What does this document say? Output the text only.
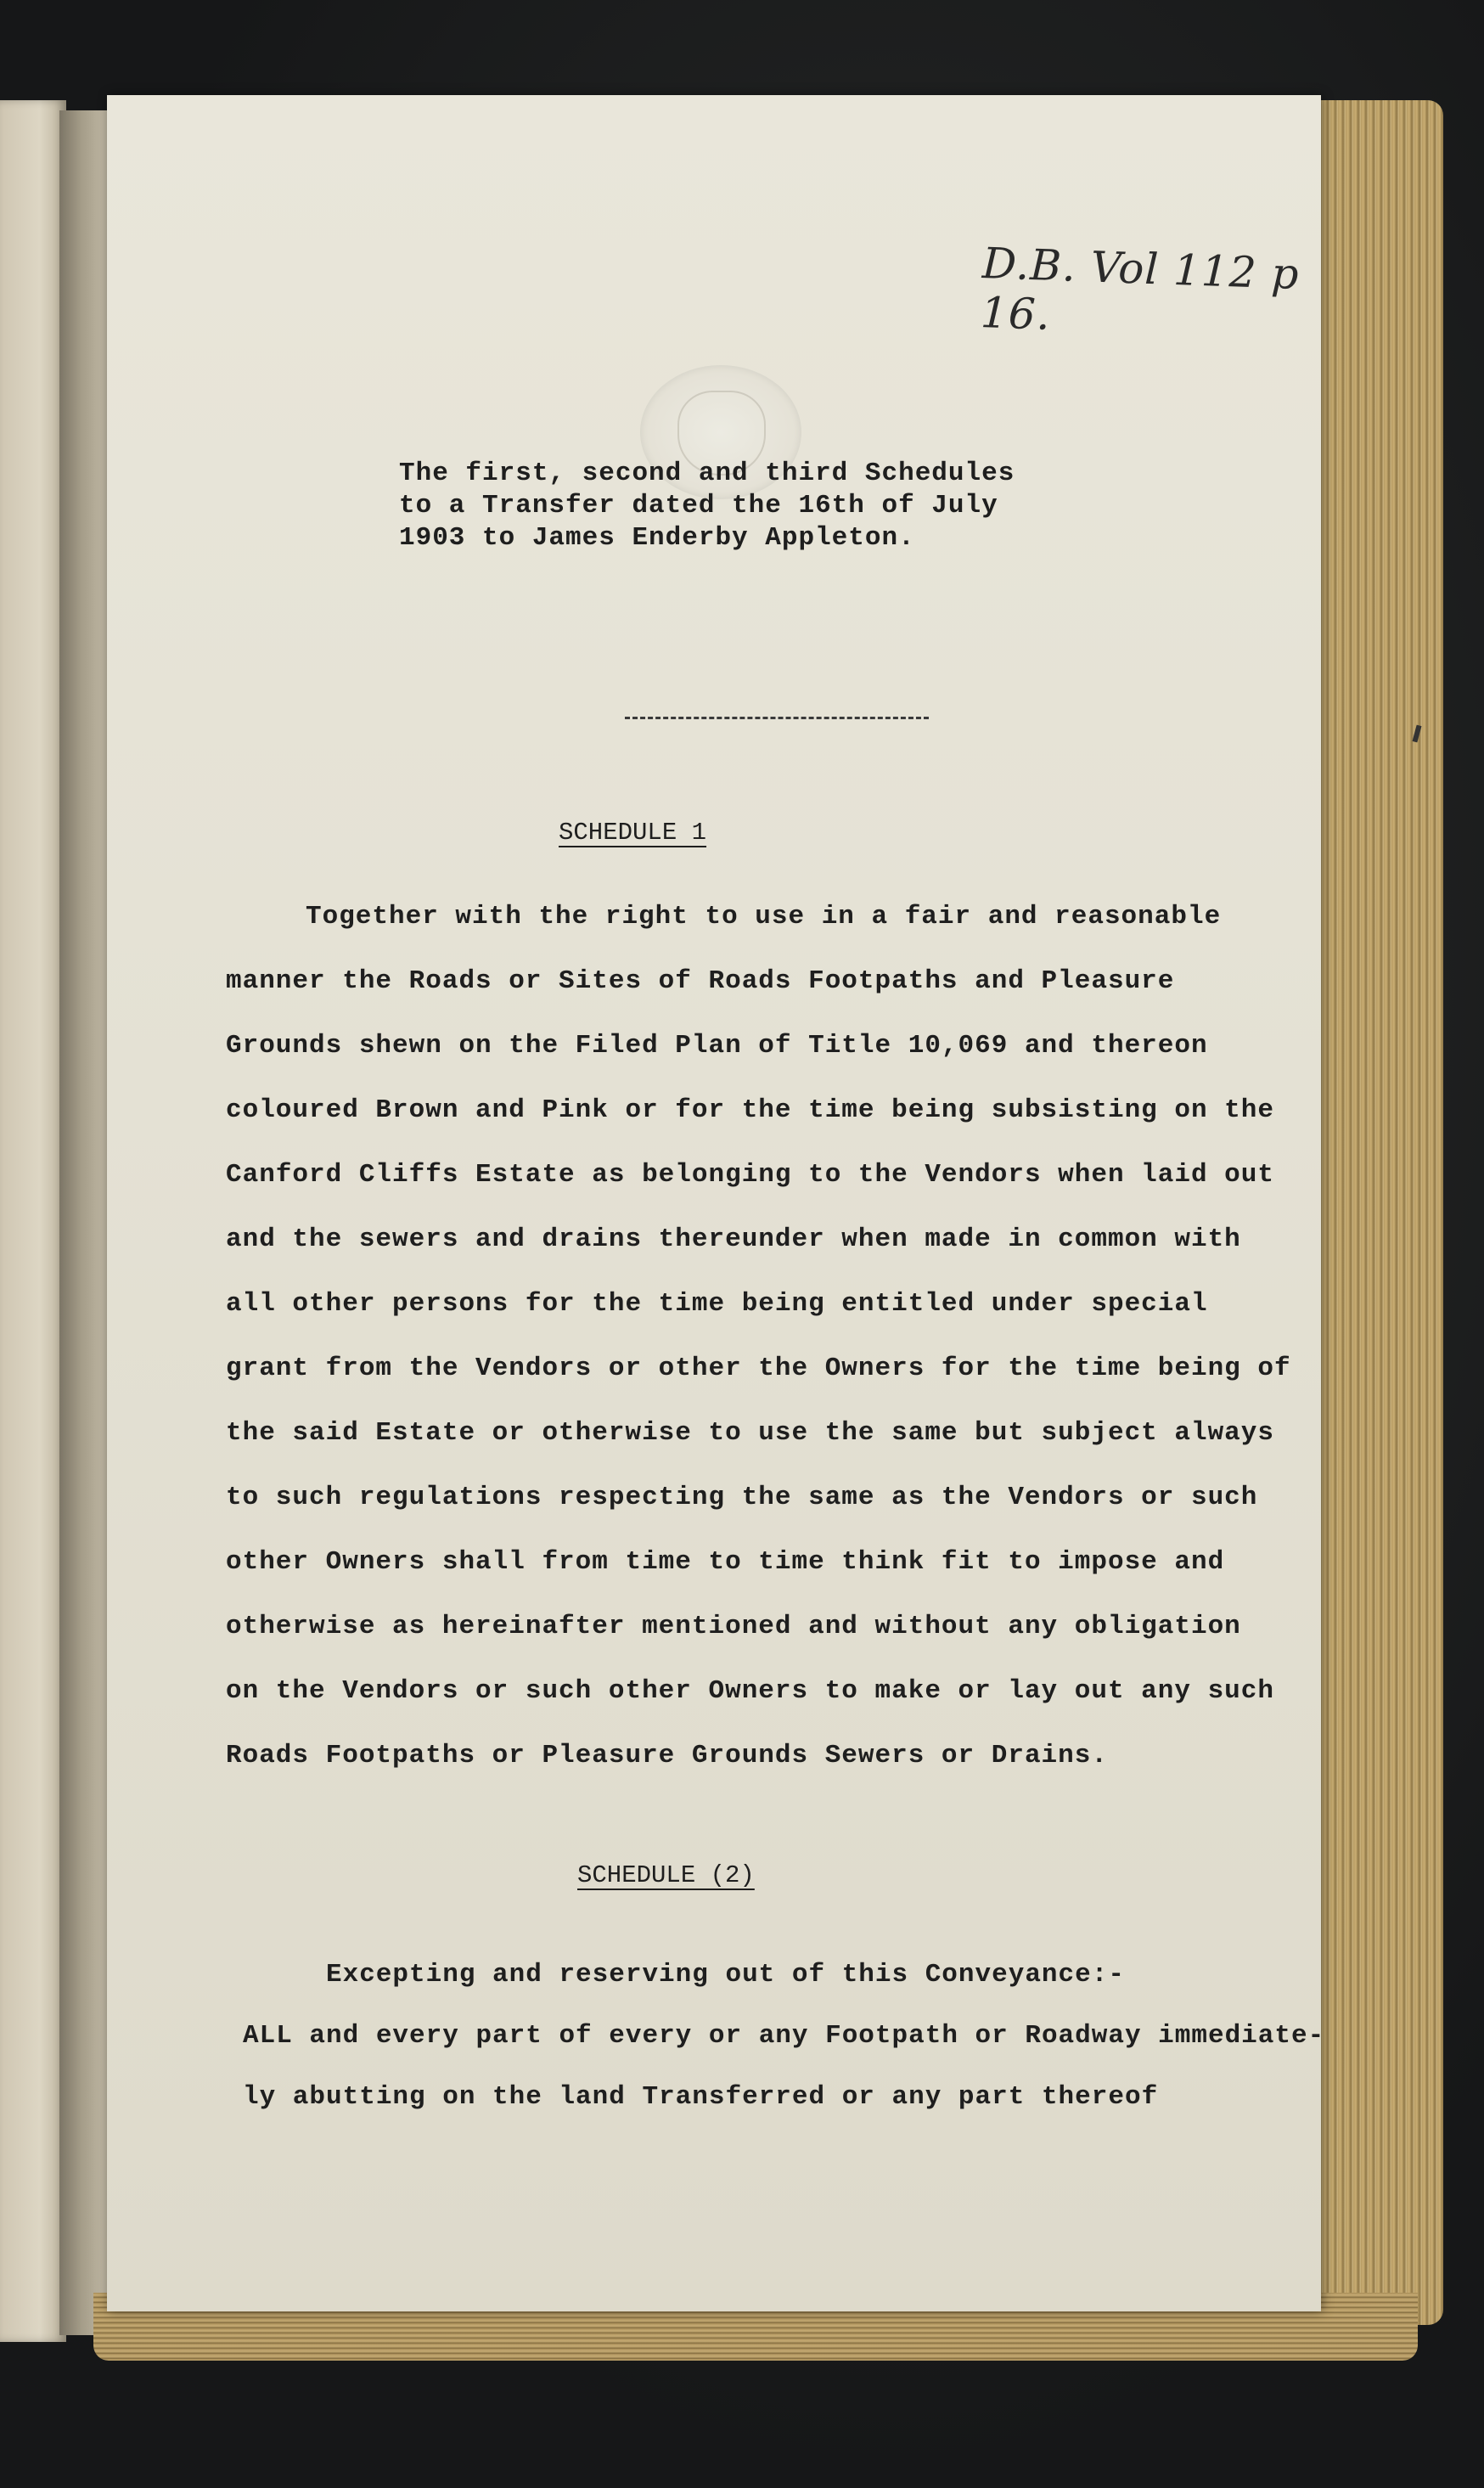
D.B. Vol 112 p 16.
The first, second and third Schedules
to a Transfer dated the 16th of July
1903 to James Enderby Appleton.
SCHEDULE 1
Together with the right to use in a fair and reasonable
manner the Roads or Sites of Roads Footpaths and Pleasure
Grounds shewn on the Filed Plan of Title 10,069 and thereon
coloured Brown and Pink or for the time being subsisting on the
Canford Cliffs Estate as belonging to the Vendors when laid out
and the sewers and drains thereunder when made in common with
all other persons for the time being entitled under special
grant from the Vendors or other the Owners for the time being of
the said Estate or otherwise to use the same but subject always
to such regulations respecting the same as the Vendors or such
other Owners shall from time to time think fit to impose and
otherwise as hereinafter mentioned and without any obligation
on the Vendors or such other Owners to make or lay out any such
Roads Footpaths or Pleasure Grounds Sewers or Drains.
SCHEDULE (2)
Excepting and reserving out of this Conveyance:-
ALL and every part of every or any Footpath or Roadway immediate-
ly abutting on the land Transferred or any part thereof
